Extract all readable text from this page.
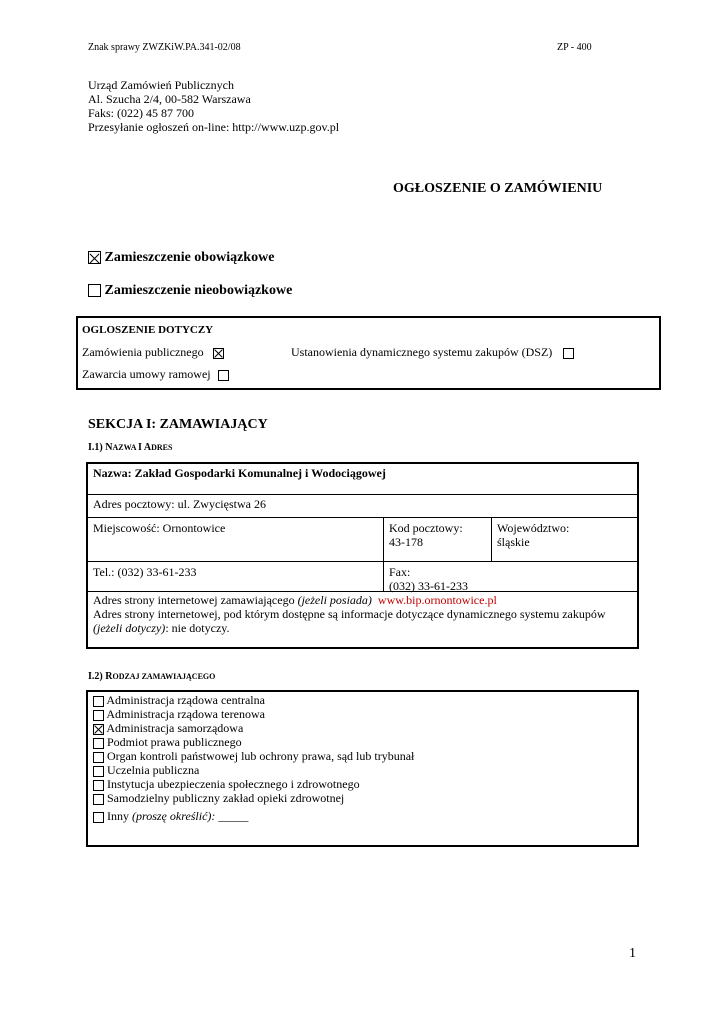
Znak sprawy ZWZKiW.PA.341-02/08	ZP - 400
Urząd Zamówień Publicznych
Al. Szucha 2/4, 00-582 Warszawa
Faks: (022) 45 87 700
Przesyłanie ogłoszeń on-line: http://www.uzp.gov.pl
OGŁOSZENIE O ZAMÓWIENIU
Zamieszczenie obowiązkowe
Zamieszczenie nieobowiązkowe
OGLOSZENIE DOTYCZY
Zamówienia publicznego	Ustanowienia dynamicznego systemu zakupów (DSZ)
Zawarcia umowy ramowej
SEKCJA I: ZAMAWIAJĄCY
I.1) NAZWA I ADRES
Nazwa: Zakład Gospodarki Komunalnej i Wodociągowej
Adres pocztowy: ul. Zwycięstwa 26
Miejscowość: Ornontowice	Kod pocztowy:
43-178
Województwo:
śląskie
Tel.: (032) 33-61-233	Fax:
(032) 33-61-233
Adres strony internetowej zamawiającego (jeżeli posiada) www.bip.ornontowice.pl
Adres strony internetowej, pod którym dostępne są informacje dotyczące dynamicznego systemu zakupów
(jeżeli dotyczy): nie dotyczy.
I.2) RODZAJ ZAMAWIAJĄCEGO
Administracja rządowa centralna
Administracja rządowa terenowa
Administracja samorządowa
Podmiot prawa publicznego
Organ kontroli państwowej lub ochrony prawa, sąd lub trybunał
Uczelnia publiczna
Instytucja ubezpieczenia społecznego i zdrowotnego
Samodzielny publiczny zakład opieki zdrowotnej
Inny (proszę określić): _____
1
